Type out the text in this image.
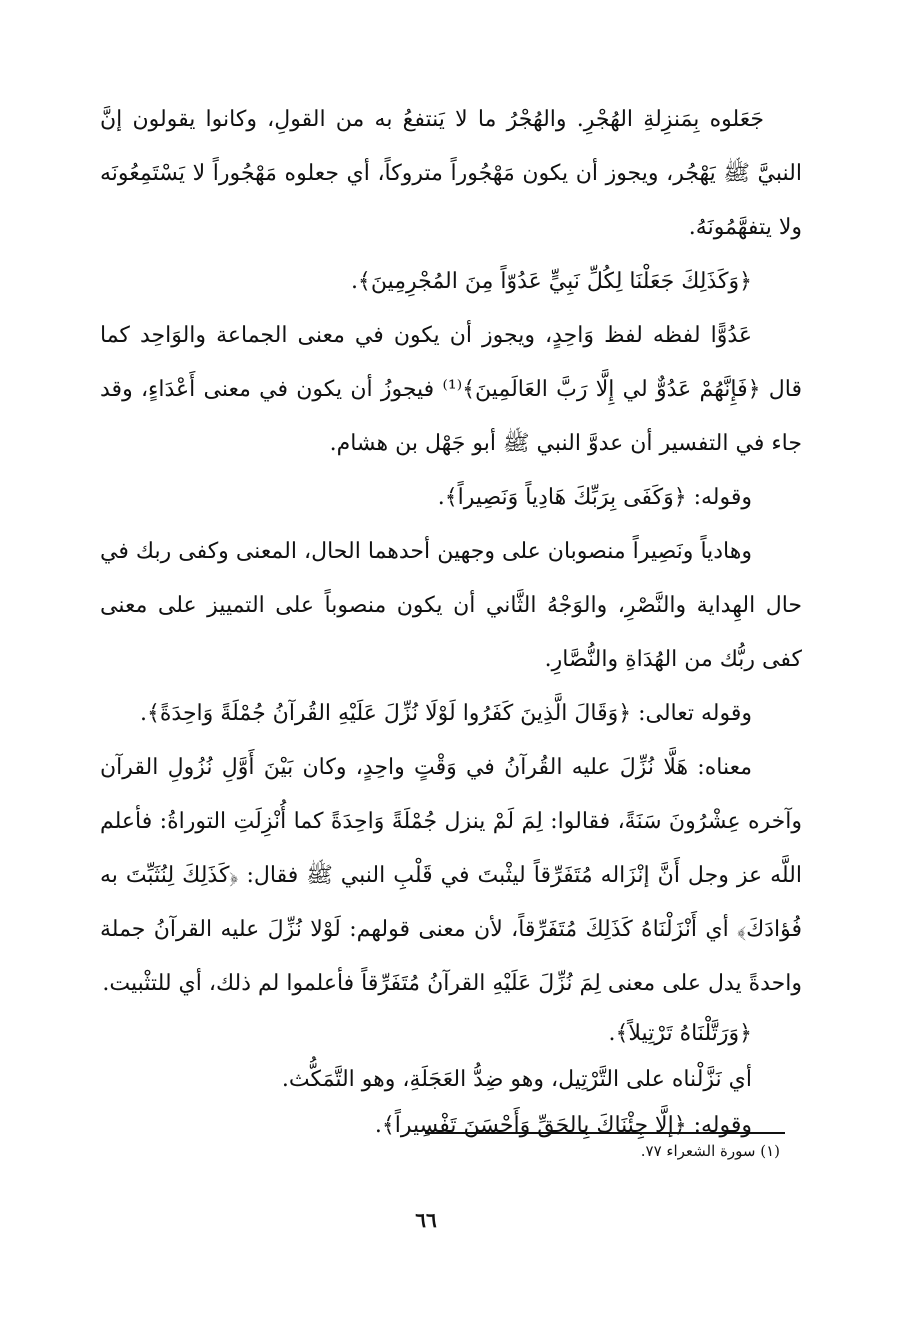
جَعَلوه بِمَنزِلةِ الهُجْرِ. والهُجْرُ ما لا يَنتفعُ به من القولِ، وكانوا يقولون إنَّ النبيَّ ﷺ يَهْجُر، ويجوز أن يكون مَهْجُوراً متروكاً، أي جعلوه مَهْجُوراً لا يَسْتَمِعُونَه ولا يتفهَّمُونَهُ.

﴿وَكَذَلِكَ جَعَلْنَا لِكُلِّ نَبِيٍّ عَدُوّاً مِنَ المُجْرِمِينَ﴾.

عَدُوًّا لفظه لفظ وَاحِدٍ، ويجوز أن يكون في معنى الجماعة والوَاحِد كما قال ﴿فَإِنَّهُمْ عَدُوٌّ لي إِلَّا رَبَّ العَالَمِينَ﴾⁽¹⁾ فيجوزُ أن يكون في معنى أَعْدَاءٍ، وقد جاء في التفسير أن عدوَّ النبي ﷺ أبو جَهْل بن هشام.

وقوله: ﴿وَكَفَى بِرَبِّكَ هَادِياً وَنَصِيراً﴾.

وهادياً ونَصِيراً منصوبان على وجهين أحدهما الحال، المعنى وكفى ربك في حال الهِداية والنَّصْرِ، والوَجْهُ الثَّاني أن يكون منصوباً على التمييز على معنى كفى ربُّك من الهُدَاةِ والنُّصَّارِ.

وقوله تعالى: ﴿وَقَالَ الَّذِينَ كَفَرُوا لَوْلَا نُزِّلَ عَلَيْهِ القُرآنُ جُمْلَةً وَاحِدَةً﴾.

معناه: هَلَّا نُزِّلَ عليه القُرآنُ في وَقْتٍ واحِدٍ، وكان بَيْنَ أَوَّلِ نُزُولِ القرآن وآخره عِشْرُونَ سَنَةً، فقالوا: لِمَ لَمْ ينزل جُمْلَةً وَاحِدَةً كما أُنْزِلَتِ التوراةُ: فأعلم اللَّه عز وجل أَنَّ إنْزَاله مُتَفَرِّقاً ليثْبتَ في قَلْبِ النبي ﷺ فقال: ﴿كَذَلِكَ لِنُثَبِّتَ به فُؤادَكَ﴾ أي أَنْزَلْنَاهُ كَذَلِكَ مُتَفَرِّقاً، لأن معنى قولهم: لَوْلا نُزِّلَ عليه القرآنُ جملة واحدةً يدل على معنى لِمَ نُزِّلَ عَلَيْهِ القرآنُ مُتَفَرِّقاً فأعلموا لم ذلك، أي للتثْبيت.

﴿وَرَتَّلْنَاهُ تَرْتِيلاً﴾.

أي نَزَّلْناه على التَّرْتِيل، وهو ضِدُّ العَجَلَةِ، وهو التَّمَكُّث.

وقوله: ﴿إلَّا جِئْنَاكَ بِالحَقِّ وَأَحْسَنَ تَفْسِيراً﴾.

(١) سورة الشعراء ٧٧.
٦٦
